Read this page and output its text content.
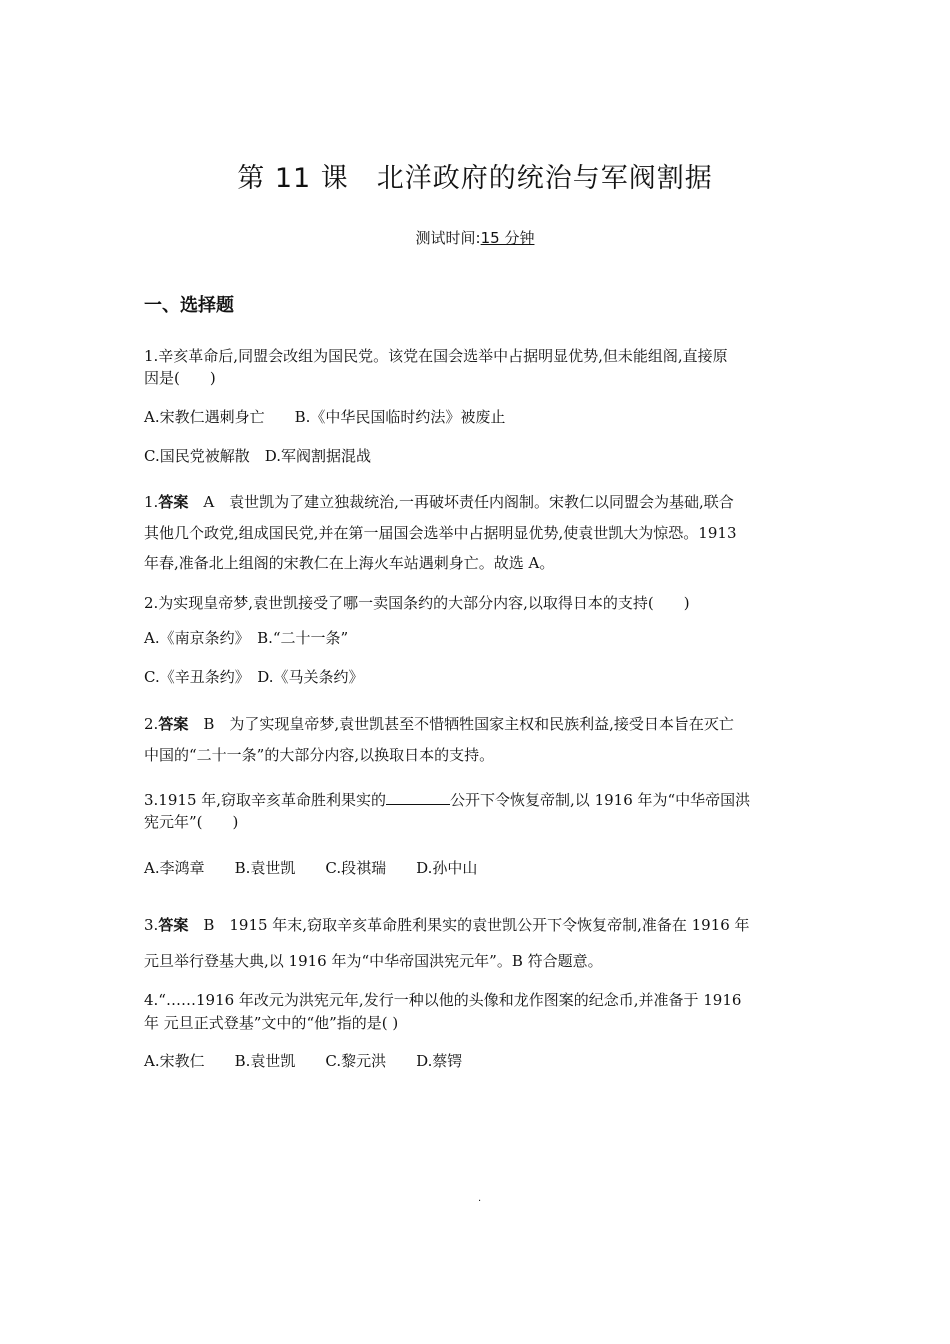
第 11 课　北洋政府的统治与军阀割据
测试时间:15 分钟
一、选择题
1.辛亥革命后,同盟会改组为国民党。该党在国会选举中占据明显优势,但未能组阁,直接原
因是(　　)
A.宋教仁遇刺身亡　　B.《中华民国临时约法》被废止
C.国民党被解散　D.军阀割据混战
1.答案　 A　袁世凯为了建立独裁统治,一再破坏责任内阁制。宋教仁以同盟会为基础,联合
其他几个政党,组成国民党,并在第一届国会选举中占据明显优势,使袁世凯大为惊恐。1913
年春,准备北上组阁的宋教仁在上海火车站遇刺身亡。故选 A。
2.为实现皇帝梦,袁世凯接受了哪一卖国条约的大部分内容,以取得日本的支持(　　)
A.《南京条约》　B.“二十一条”
C.《辛丑条约》　D.《马关条约》
2.答案　 B　为了实现皇帝梦,袁世凯甚至不惜牺牲国家主权和民族利益,接受日本旨在灭亡
中国的“二十一条”的大部分内容,以换取日本的支持。
3.1915 年,窃取辛亥革命胜利果实的	公开下令恢复帝制,以 1916 年为“中华帝国洪
宪元年”(　　)
A.李鸿章　　B.袁世凯　　C.段祺瑞　　D.孙中山
3.答案　 B　1915 年末,窃取辛亥革命胜利果实的袁世凯公开下令恢复帝制,准备在 1916 年
元旦举行登基大典,以 1916 年为“中华帝国洪宪元年”。B 符合题意。
4.“……1916 年改元为洪宪元年,发行一种以他的头像和龙作图案的纪念币,并准备于 1916
年 元旦正式登基”文中的“他”指的是( )
A.宋教仁　　B.袁世凯　　C.黎元洪　　D.蔡锷
·
